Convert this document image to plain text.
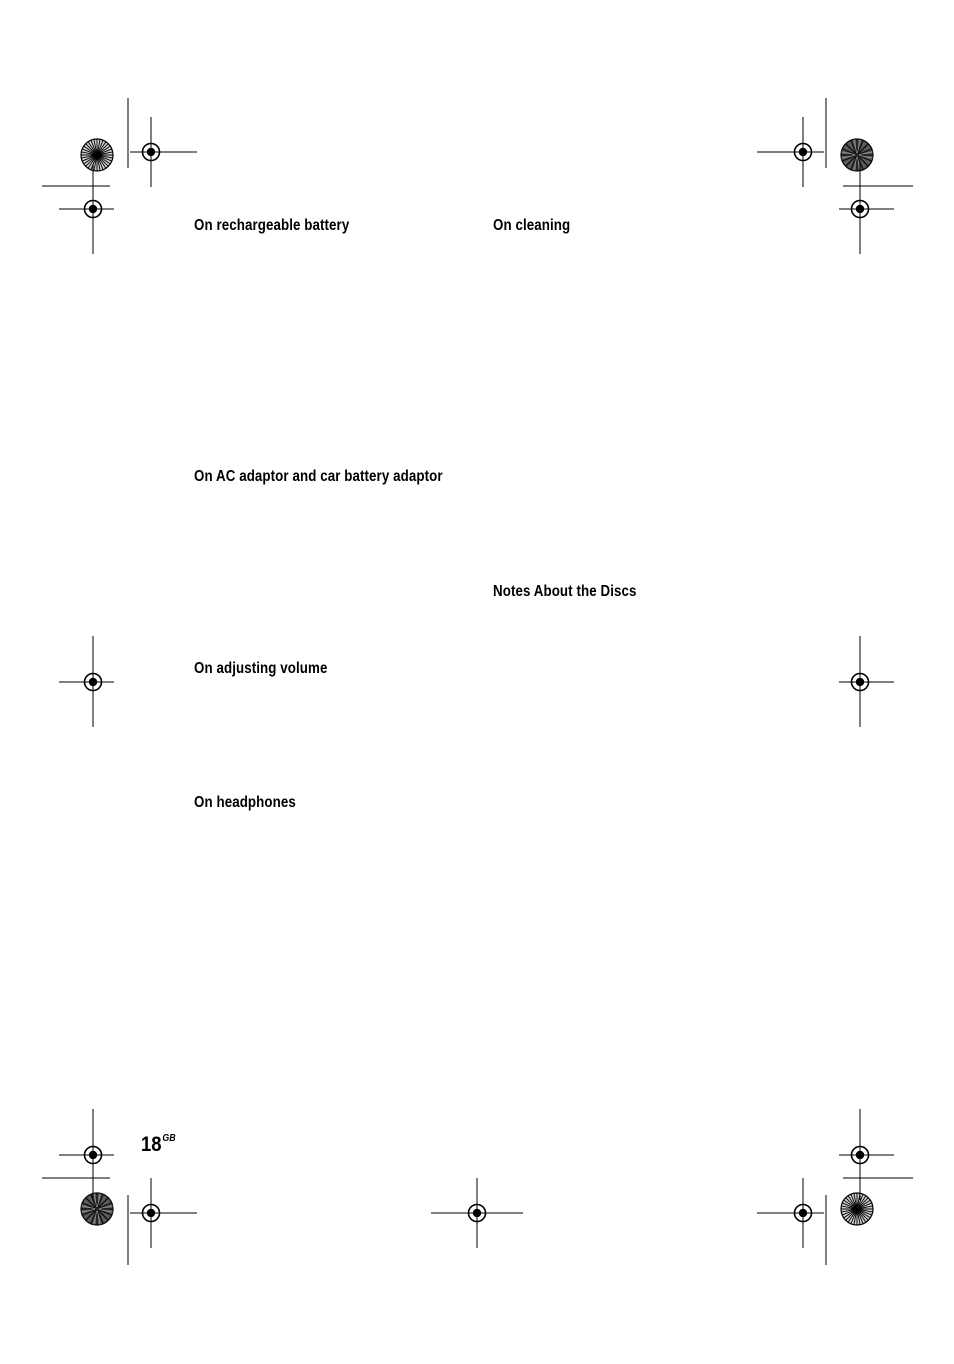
On rechargeable battery
On AC adaptor and car battery adaptor
On adjusting volume
On headphones
On cleaning
Notes About the Discs
$18^{GB}$
